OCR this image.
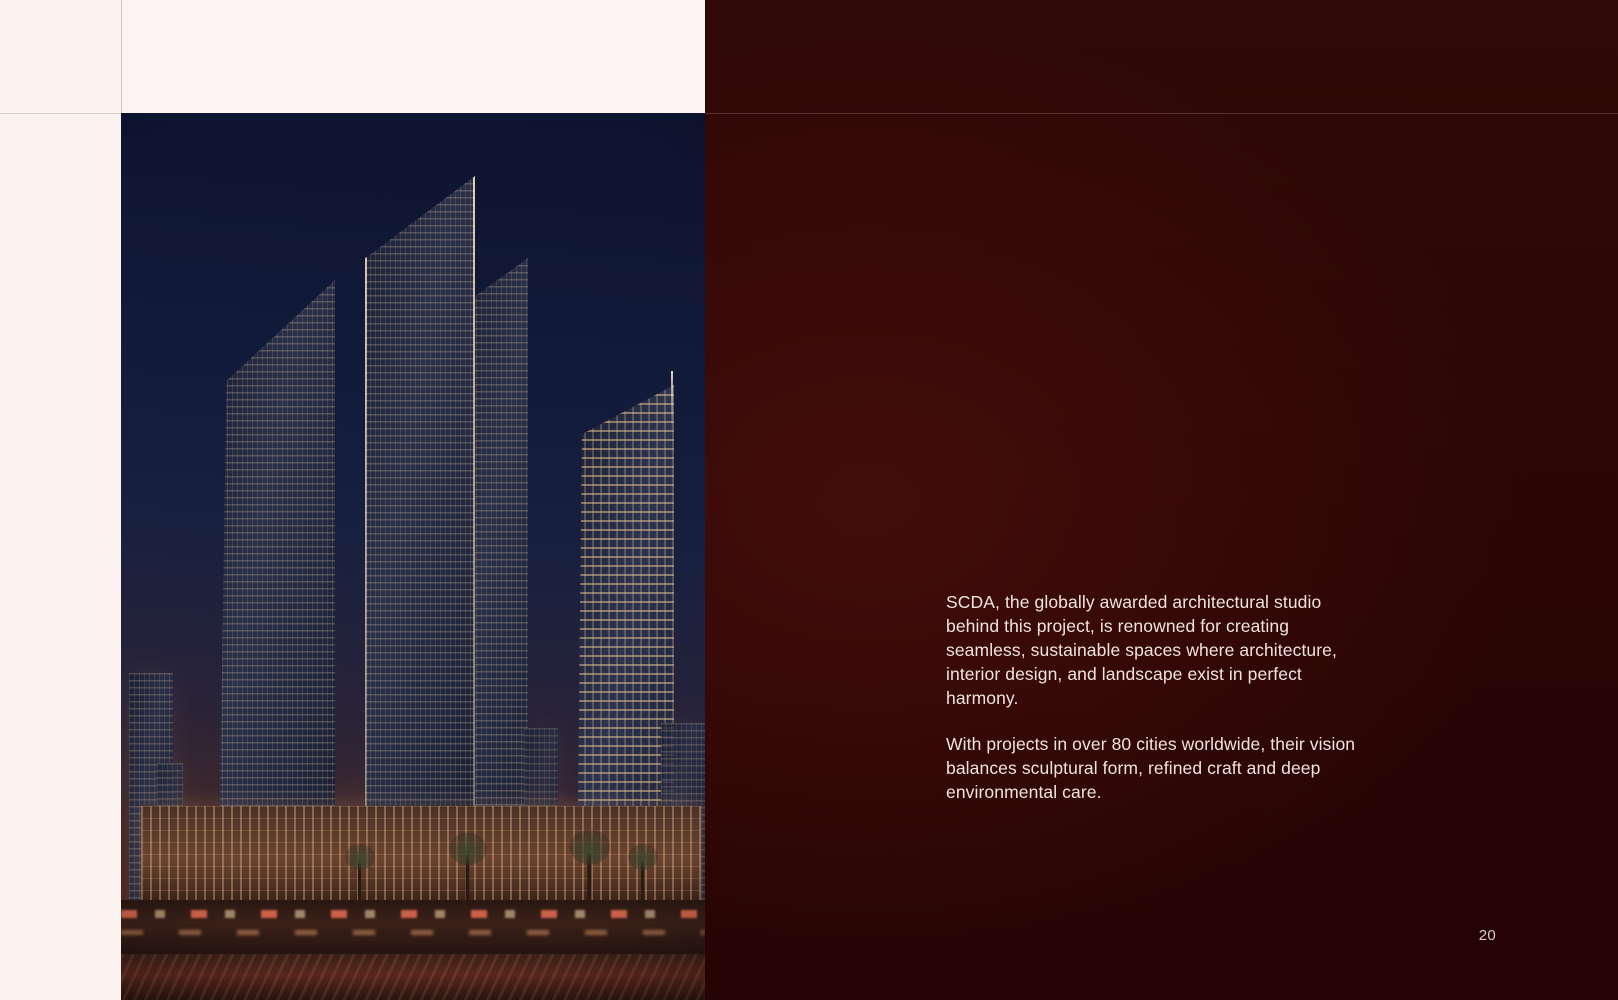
SCDA, the globally awarded architectural studio behind this project, is renowned for creating seamless, sustainable spaces where architecture, interior design, and landscape exist in perfect harmony.

With projects in over 80 cities worldwide, their vision balances sculptural form, refined craft and deep environmental care.

20
